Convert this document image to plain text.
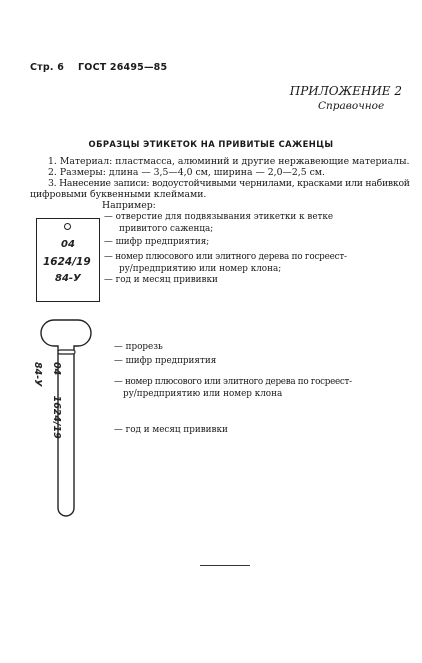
Стр. 6 ГОСТ 26495—85
ПРИЛОЖЕНИЕ 2
Справочное
ОБРАЗЦЫ ЭТИКЕТОК НА ПРИВИТЫЕ САЖЕНЦЫ
1. Материал: пластмасса, алюминий и другие нержавеющие материалы.
2. Размеры: длина — 3,5—4,0 см, ширина — 2,0—2,5 см.
3. Нанесение записи: водоустойчивыми чернилами, красками или набивкой
цифровыми буквенными клеймами.
Например:
04
1624/19
84-У
— отверстие для подвязывания этикетки к ветке
привитого саженца;
— шифр предприятия;
— номер плюсового или элитного дерева по госреест-
ру/предприятию или номер клона;
— год и месяц прививки
04    1624/19    84-У
— прорезь
— шифр предприятия
— номер плюсового или элитного дерева по госреест-
ру/предприятию или номер клона
— год и месяц прививки
